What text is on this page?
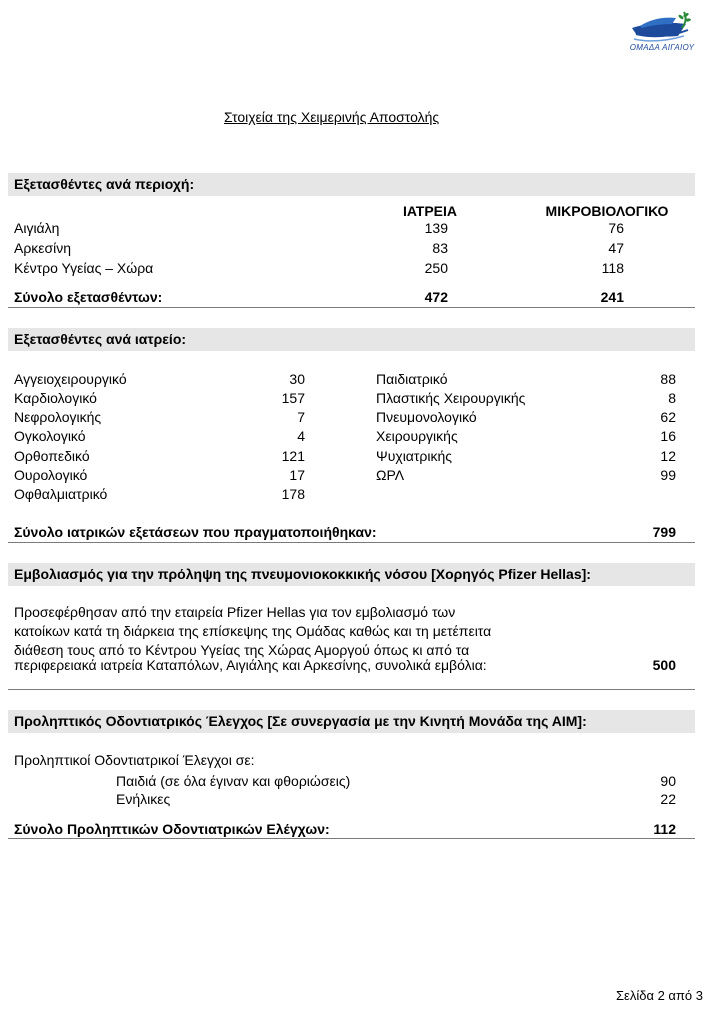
ΟΜΑΔΑ ΑΙΓΑΙΟΥ
Στοιχεία της Χειμερινής Αποστολής
Εξετασθέντες ανά περιοχή:
ΙΑΤΡΕΙΑ	ΜΙΚΡΟΒΙΟΛΟΓΙΚΟ
Αιγιάλη	139	76
Αρκεσίνη	83	47
Κέντρο Υγείας – Χώρα	250	118
Σύνολο εξετασθέντων:	472	241
Εξετασθέντες ανά ιατρείο:
Αγγειοχειρουργικό	30
Καρδιολογικό	157
Νεφρολογικής	7
Ογκολογικό	4
Ορθοπεδικό	121
Ουρολογικό	17
Οφθαλμιατρικό	178
Παιδιατρικό	88
Πλαστικής Χειρουργικής	8
Πνευμονολογικό	62
Χειρουργικής	16
Ψυχιατρικής	12
ΩΡΛ	99
Σύνολο ιατρικών εξετάσεων που πραγματοποιήθηκαν:	799
Εμβολιασμός για την πρόληψη της πνευμονιοκοκκικής νόσου [Χορηγός Pfizer Hellas]:
Προσεφέρθησαν από την εταιρεία Pfizer Hellas για τον εμβολιασμό των
κατοίκων κατά τη διάρκεια της επίσκεψης της Ομάδας καθώς και τη μετέπειτα
διάθεση τους από το Κέντρου Υγείας της Χώρας Αμοργού όπως κι από τα
περιφερειακά ιατρεία Καταπόλων, Αιγιάλης και Αρκεσίνης, συνολικά εμβόλια:	500
Προληπτικός Οδοντιατρικός Έλεγχος [Σε συνεργασία με την Κινητή Μονάδα της ΑΙΜ]:
Προληπτικοί Οδοντιατρικοί Έλεγχοι σε:
Παιδιά (σε όλα έγιναν και φθοριώσεις)	90
Ενήλικες	22
Σύνολο Προληπτικών Οδοντιατρικών Ελέγχων:	112
Σελίδα 2 από 3
